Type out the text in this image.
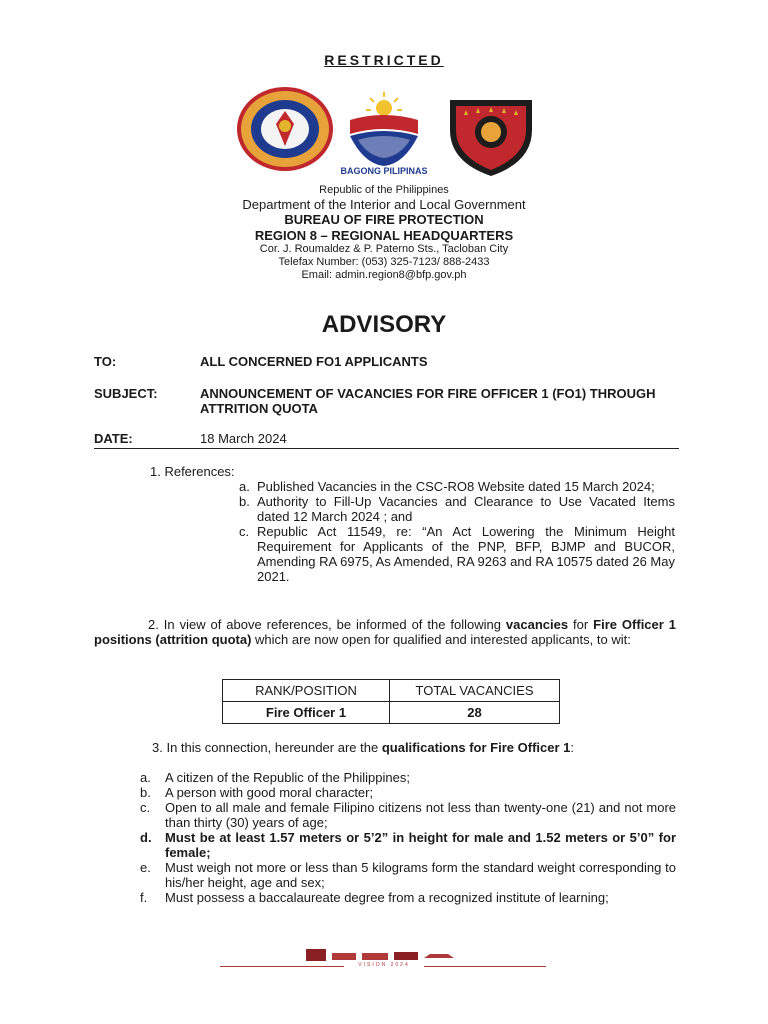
RESTRICTED
BAGONG PILIPINAS
Republic of the Philippines
Department of the Interior and Local Government
BUREAU OF FIRE PROTECTION
REGION 8 – REGIONAL HEADQUARTERS
Cor. J. Roumaldez & P. Paterno Sts., Tacloban City
Telefax Number: (053) 325-7123/ 888-2433
Email: admin.region8@bfp.gov.ph
ADVISORY
TO:	ALL CONCERNED FO1 APPLICANTS
SUBJECT:	ANNOUNCEMENT OF VACANCIES FOR FIRE OFFICER 1 (FO1) THROUGH ATTRITION QUOTA
DATE:	18 March 2024
1. References:
a. Published Vacancies in the CSC-RO8 Website dated 15 March 2024;
b. Authority to Fill-Up Vacancies and Clearance to Use Vacated Items dated 12 March 2024 ; and
c. Republic Act 11549, re: “An Act Lowering the Minimum Height Requirement for Applicants of the PNP, BFP, BJMP and BUCOR, Amending RA 6975, As Amended, RA 9263 and RA 10575 dated 26 May 2021.
2. In view of above references, be informed of the following vacancies for Fire Officer 1 positions (attrition quota) which are now open for qualified and interested applicants, to wit:
RANK/POSITION	TOTAL VACANCIES
Fire Officer 1	28
3. In this connection, hereunder are the qualifications for Fire Officer 1:
a. A citizen of the Republic of the Philippines;
b. A person with good moral character;
c. Open to all male and female Filipino citizens not less than twenty-one (21) and not more than thirty (30) years of age;
d. Must be at least 1.57 meters or 5’2” in height for male and 1.52 meters or 5’0” for female;
e. Must weigh not more or less than 5 kilograms form the standard weight corresponding to his/her height, age and sex;
f. Must possess a baccalaureate degree from a recognized institute of learning;
VISION 2024
